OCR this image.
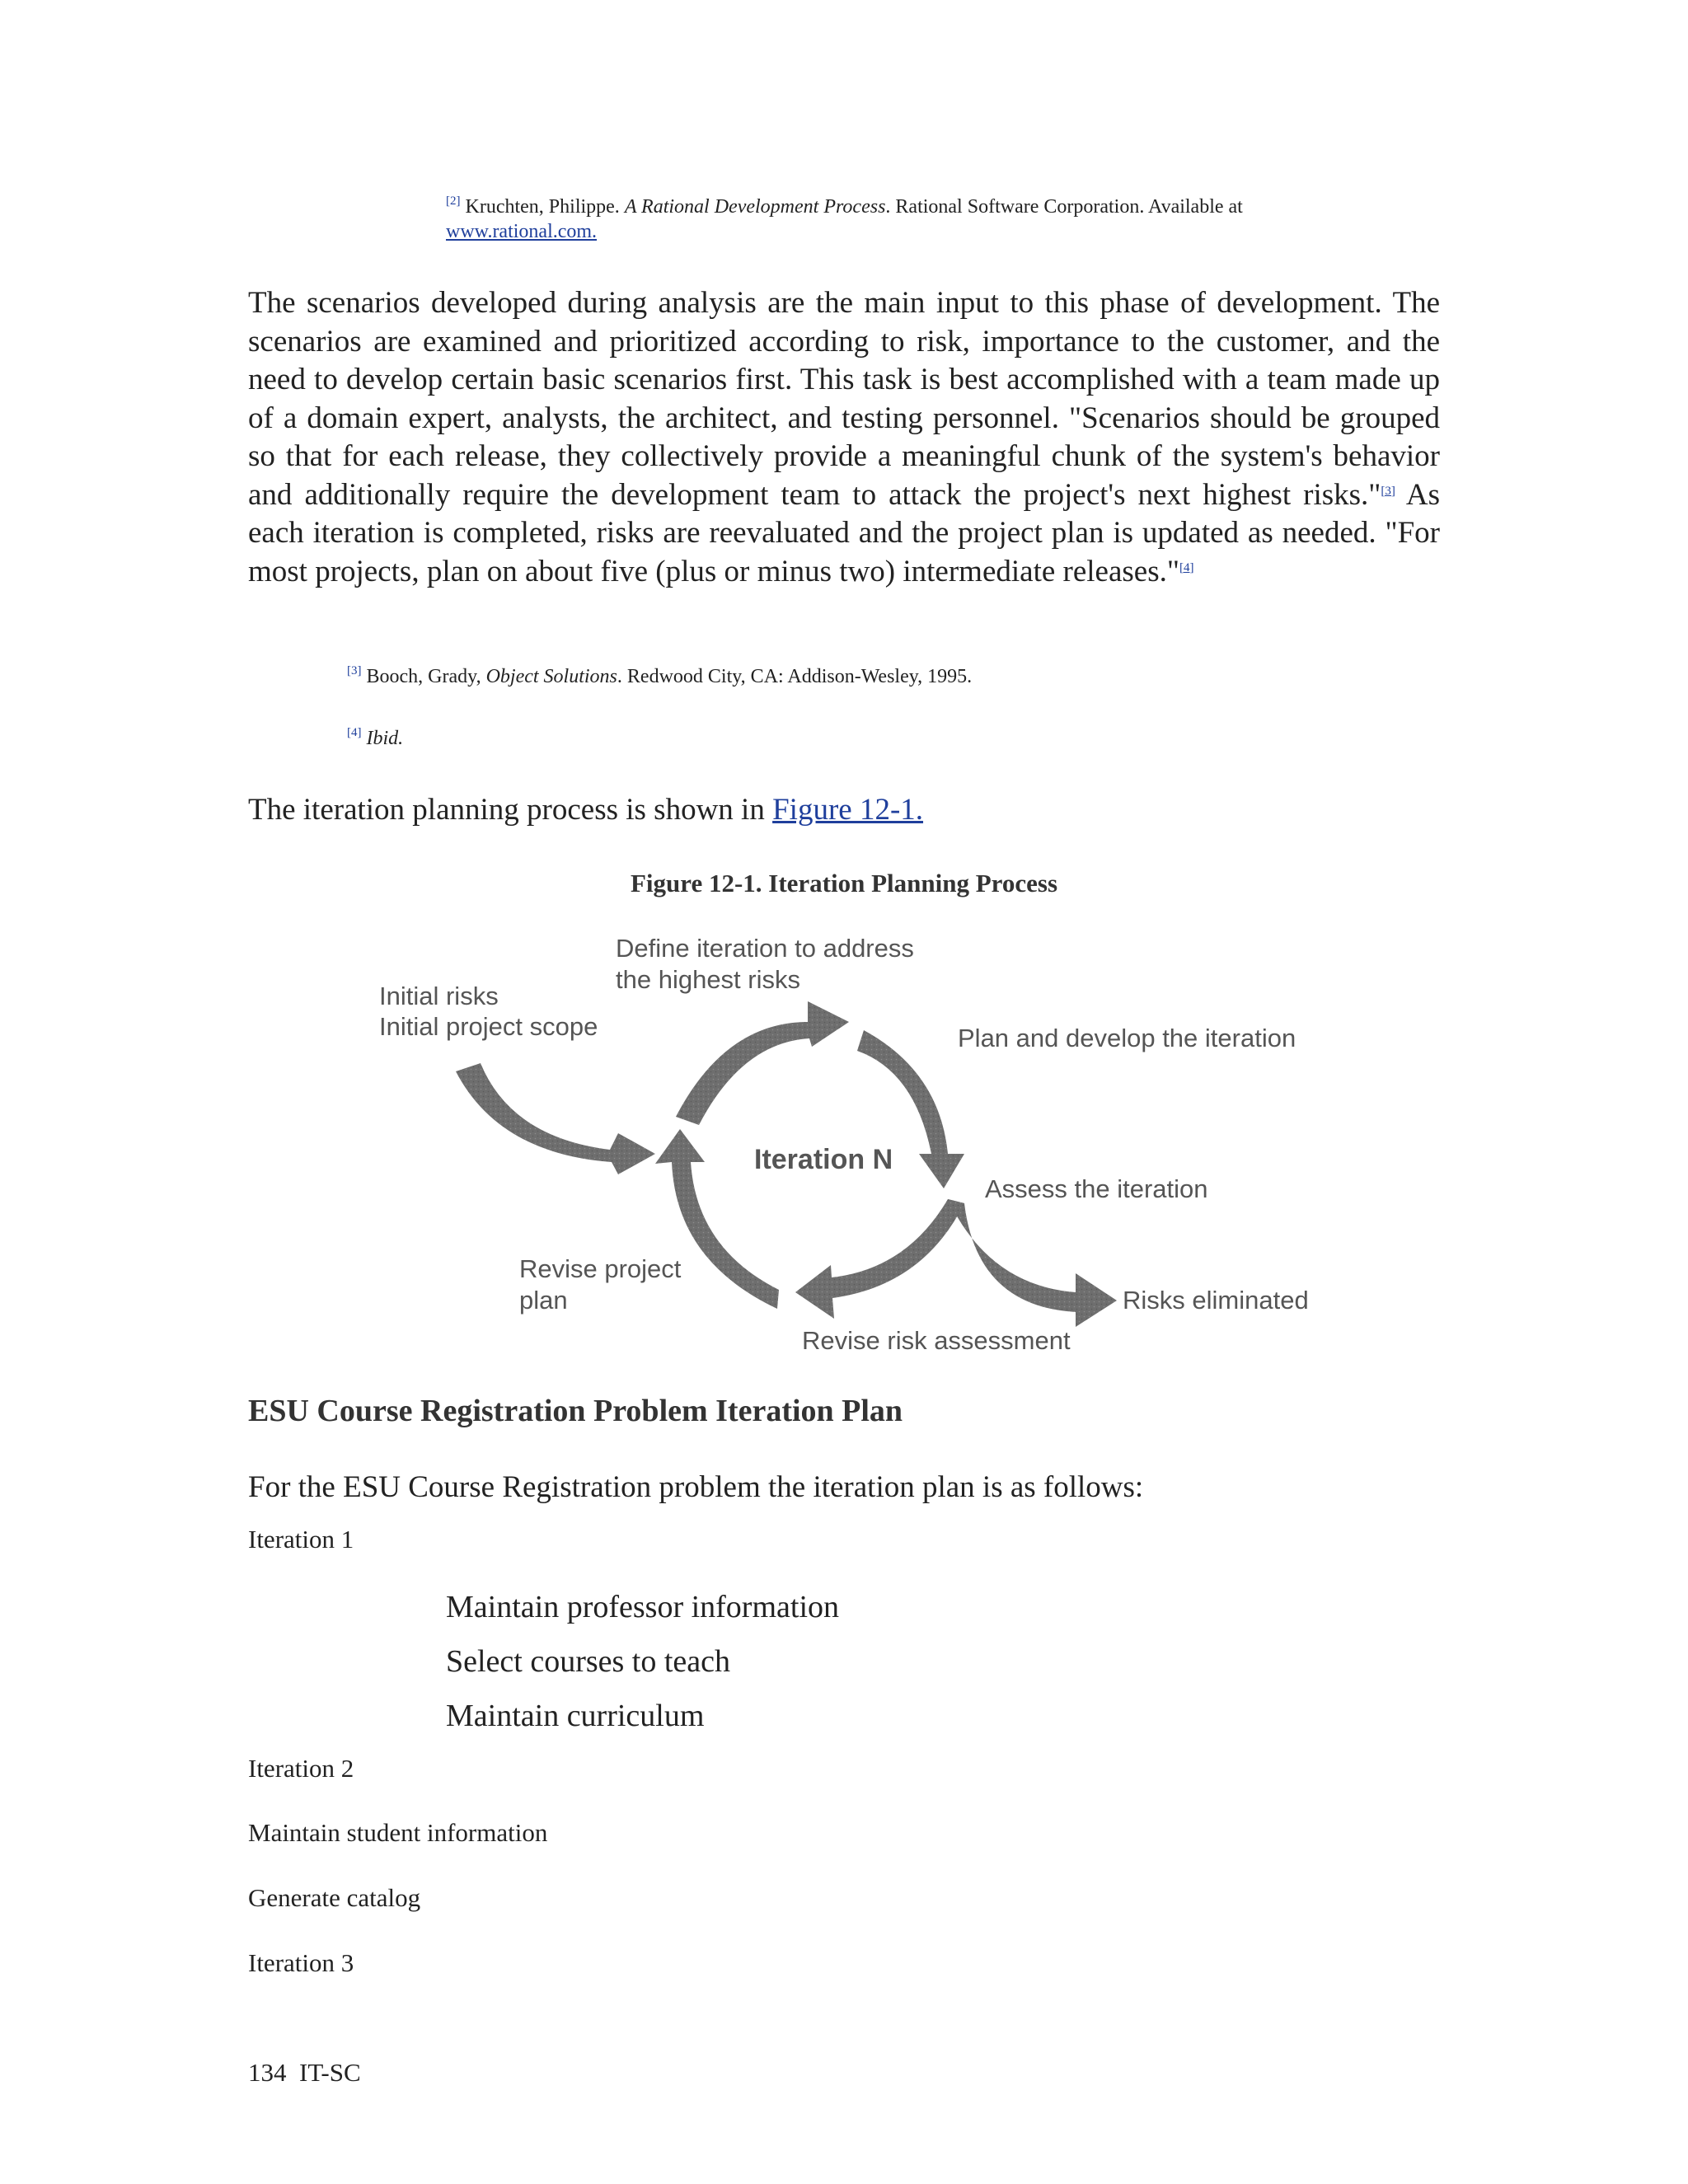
[2] Kruchten, Philippe. A Rational Development Process. Rational Software Corporation. Available at
www.rational.com.
The scenarios developed during analysis are the main input to this phase of development. The scenarios are examined and prioritized according to risk, importance to the customer, and the need to develop certain basic scenarios first. This task is best accomplished with a team made up of a domain expert, analysts, the architect, and testing personnel. "Scenarios should be grouped so that for each release, they collectively provide a meaningful chunk of the system's behavior and additionally require the development team to attack the project's next highest risks."[3] As each iteration is completed, risks are reevaluated and the project plan is updated as needed. "For most projects, plan on about five (plus or minus two) intermediate releases."[4]
[3] Booch, Grady, Object Solutions. Redwood City, CA: Addison-Wesley, 1995.
[4] Ibid.
The iteration planning process is shown in Figure 12-1.
Figure 12-1. Iteration Planning Process
Define iteration to address
the highest risks
Initial risks
Initial project scope	Plan and develop the iteration
Iteration N
Assess the iteration
Revise project
plan	Risks eliminated
Revise risk assessment
ESU Course Registration Problem Iteration Plan
For the ESU Course Registration problem the iteration plan is as follows:
Iteration 1
Maintain professor information
Select courses to teach
Maintain curriculum
Iteration 2
Maintain student information
Generate catalog
Iteration 3
134  IT-SC
